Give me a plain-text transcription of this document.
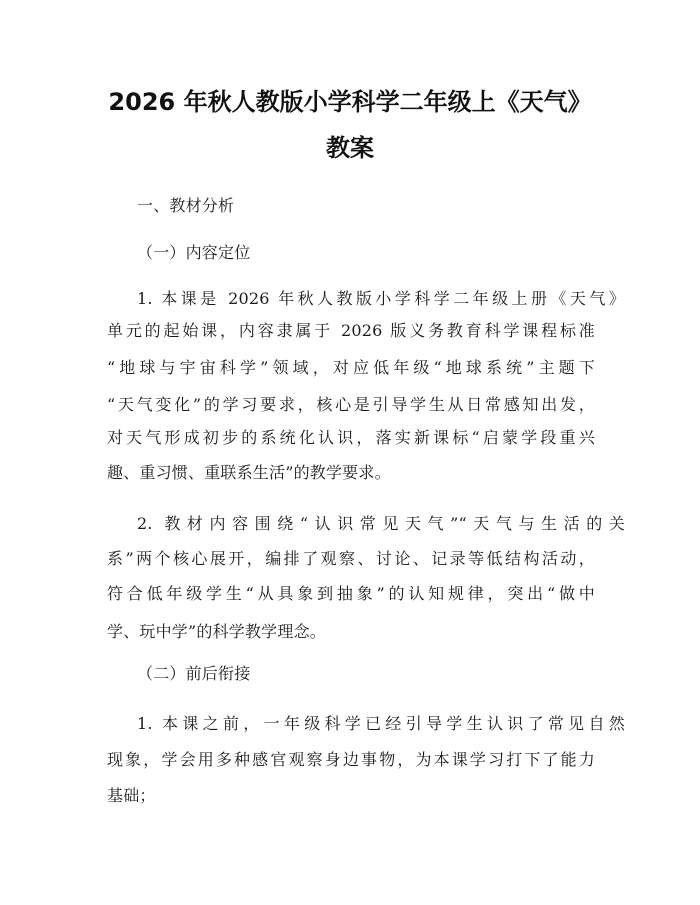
2026 年秋人教版小学科学二年级上《天气》
教案
一、教材分析
（一）内容定位
1. 本课是 2026 年秋人教版小学科学二年级上册《天气》
单元的起始课，内容隶属于 2026 版义务教育科学课程标准
“地球与宇宙科学”领域，对应低年级“地球系统”主题下
“天气变化”的学习要求，核心是引导学生从日常感知出发，
对天气形成初步的系统化认识，落实新课标“启蒙学段重兴
趣、重习惯、重联系生活”的教学要求。
2. 教材内容围绕“认识常见天气”“天气与生活的关
系”两个核心展开，编排了观察、讨论、记录等低结构活动，
符合低年级学生“从具象到抽象”的认知规律，突出“做中
学、玩中学”的科学教学理念。
（二）前后衔接
1. 本课之前，一年级科学已经引导学生认识了常见自然
现象，学会用多种感官观察身边事物，为本课学习打下了能力
基础；
